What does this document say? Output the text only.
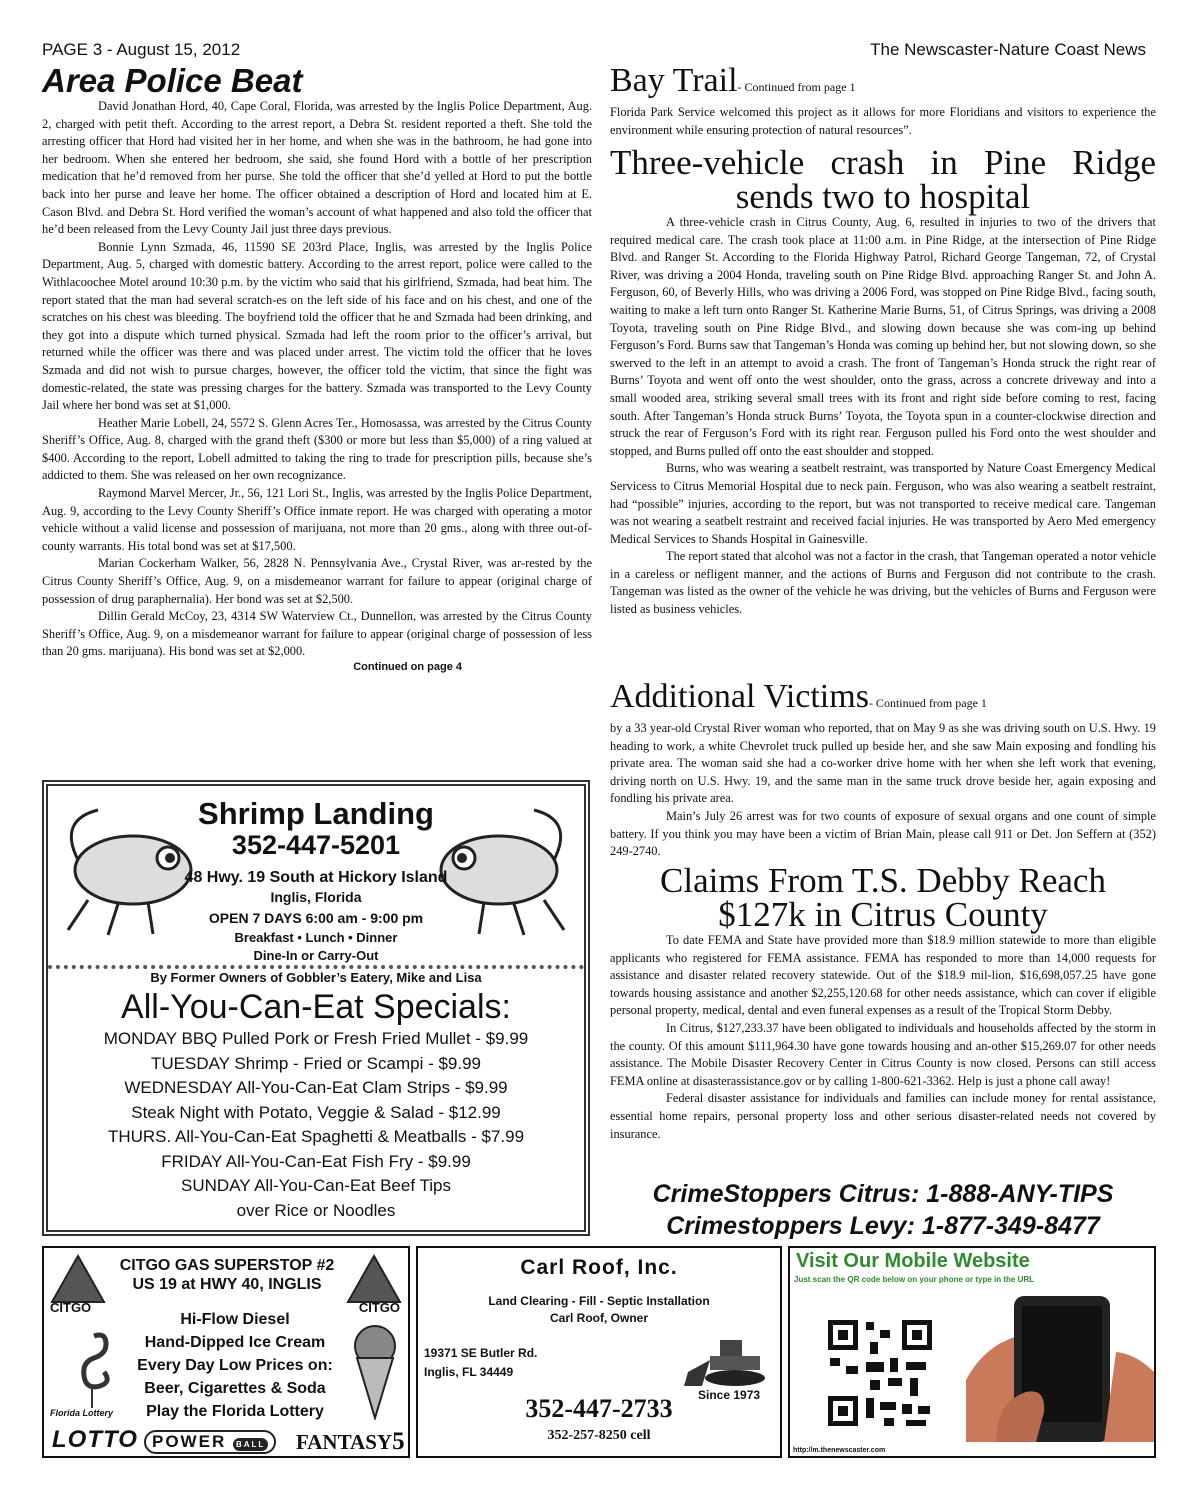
PAGE 3 - August 15, 2012	The Newscaster-Nature Coast News
Area Police Beat

David Jonathan Hord, 40, Cape Coral, Florida, was arrested by the Inglis Police Department, Aug. 2, charged with petit theft. According to the arrest report, a Debra St. resident reported a theft. She told the arresting officer that Hord had visited her in her home, and when she was in the bathroom, he had gone into her bedroom. When she entered her bedroom, she said, she found Hord with a bottle of her prescription medication that he’d removed from her purse. She told the officer that she’d yelled at Hord to put the bottle back into her purse and leave her home. The officer obtained a description of Hord and located him at E. Cason Blvd. and Debra St. Hord verified the woman’s account of what happened and also told the officer that he’d been released from the Levy County Jail just three days previous.

Bonnie Lynn Szmada, 46, 11590 SE 203rd Place, Inglis, was arrested by the Inglis Police Department, Aug. 5, charged with domestic battery. According to the arrest report, police were called to the Withlacoochee Motel around 10:30 p.m. by the victim who said that his girlfriend, Szmada, had beat him. The report stated that the man had several scratch-es on the left side of his face and on his chest, and one of the scratches on his chest was bleeding. The boyfriend told the officer that he and Szmada had been drinking, and they got into a dispute which turned physical. Szmada had left the room prior to the officer’s arrival, but returned while the officer was there and was placed under arrest. The victim told the officer that he loves Szmada and did not wish to pursue charges, however, the officer told the victim, that since the fight was domestic-related, the state was pressing charges for the battery. Szmada was transported to the Levy County Jail where her bond was set at $1,000.

Heather Marie Lobell, 24, 5572 S. Glenn Acres Ter., Homosassa, was arrested by the Citrus County Sheriff’s Office, Aug. 8, charged with the grand theft ($300 or more but less than $5,000) of a ring valued at $400. According to the report, Lobell admitted to taking the ring to trade for prescription pills, because she’s addicted to them. She was released on her own recognizance.

Raymond Marvel Mercer, Jr., 56, 121 Lori St., Inglis, was arrested by the Inglis Police Department, Aug. 9, according to the Levy County Sheriff’s Office inmate report. He was charged with operating a motor vehicle without a valid license and possession of marijuana, not more than 20 gms., along with three out-of-county warrants. His total bond was set at $17,500.

Marian Cockerham Walker, 56, 2828 N. Pennsylvania Ave., Crystal River, was ar-rested by the Citrus County Sheriff’s Office, Aug. 9, on a misdemeanor warrant for failure to appear (original charge of possession of drug paraphernalia). Her bond was set at $2,500.

Dillin Gerald McCoy, 23, 4314 SW Waterview Ct., Dunnellon, was arrested by the Citrus County Sheriff’s Office, Aug. 9, on a misdemeanor warrant for failure to appear (original charge of possession of less than 20 gms. marijuana). His bond was set at $2,000.

Continued on page 4
Shrimp Landing
352-447-5201
48 Hwy. 19 South at Hickory Island
Inglis, Florida
OPEN 7 DAYS 6:00 am - 9:00 pm
Breakfast • Lunch • Dinner
Dine-In or Carry-Out
By Former Owners of Gobbler’s Eatery, Mike and Lisa
All-You-Can-Eat Specials:
MONDAY BBQ Pulled Pork or Fresh Fried Mullet - $9.99
TUESDAY Shrimp - Fried or Scampi - $9.99
WEDNESDAY All-You-Can-Eat Clam Strips - $9.99
Steak Night with Potato, Veggie & Salad - $12.99
THURS. All-You-Can-Eat Spaghetti & Meatballs - $7.99
FRIDAY All-You-Can-Eat Fish Fry - $9.99
SUNDAY All-You-Can-Eat Beef Tips
over Rice or Noodles
Bay Trail- Continued from page 1

Florida Park Service welcomed this project as it allows for more Floridians and visitors to experience the environment while ensuring protection of natural resources”.

Three-vehicle crash in Pine Ridge
sends two to hospital

A three-vehicle crash in Citrus County, Aug. 6, resulted in injuries to two of the drivers that required medical care. The crash took place at 11:00 a.m. in Pine Ridge, at the intersection of Pine Ridge Blvd. and Ranger St. According to the Florida Highway Patrol, Richard George Tangeman, 72, of Crystal River, was driving a 2004 Honda, traveling south on Pine Ridge Blvd. approaching Ranger St. and John A. Ferguson, 60, of Beverly Hills, who was driving a 2006 Ford, was stopped on Pine Ridge Blvd., facing south, waiting to make a left turn onto Ranger St. Katherine Marie Burns, 51, of Citrus Springs, was driving a 2008 Toyota, traveling south on Pine Ridge Blvd., and slowing down because she was com-ing up behind Ferguson’s Ford. Burns saw that Tangeman’s Honda was coming up behind her, but not slowing down, so she swerved to the left in an attempt to avoid a crash. The front of Tangeman’s Honda struck the right rear of Burns’ Toyota and went off onto the west shoulder, onto the grass, across a concrete driveway and into a small wooded area, striking several small trees with its front and right side before coming to rest, facing south. After Tangeman’s Honda struck Burns’ Toyota, the Toyota spun in a counter-clockwise direction and struck the rear of Ferguson’s Ford with its right rear. Ferguson pulled his Ford onto the west shoulder and stopped, and Burns pulled off onto the east shoulder and stopped.

Burns, who was wearing a seatbelt restraint, was transported by Nature Coast Emergency Medical Servicess to Citrus Memorial Hospital due to neck pain. Ferguson, who was also wearing a seatbelt restraint, had “possible” injuries, according to the report, but was not transported to receive medical care. Tangeman was not wearing a seatbelt restraint and received facial injuries. He was transported by Aero Med emergency Medical Services to Shands Hospital in Gainesville.

The report stated that alcohol was not a factor in the crash, that Tangeman operated a notor vehicle in a careless or nefligent manner, and the actions of Burns and Ferguson did not contribute to the crash. Tangeman was listed as the owner of the vehicle he was driving, but the vehicles of Burns and Ferguson were listed as business vehicles.

Additional Victims- Continued from page 1

by a 33 year-old Crystal River woman who reported, that on May 9 as she was driving south on U.S. Hwy. 19 heading to work, a white Chevrolet truck pulled up beside her, and she saw Main exposing and fondling his private area. The woman said she had a co-worker drive home with her when she left work that evening, driving north on U.S. Hwy. 19, and the same man in the same truck drove beside her, again exposing and fondling his private area.

Main’s July 26 arrest was for two counts of exposure of sexual organs and one count of simple battery. If you think you may have been a victim of Brian Main, please call 911 or Det. Jon Seffern at (352) 249-2740.

Claims From T.S. Debby Reach
$127k in Citrus County

To date FEMA and State have provided more than $18.9 million statewide to more than eligible applicants who registered for FEMA assistance. FEMA has responded to more than 14,000 requests for assistance and disaster related recovery statewide. Out of the $18.9 mil-lion, $16,698,057.25 have gone towards housing assistance and another $2,255,120.68 for other needs assistance, which can cover if eligible personal property, medical, dental and even funeral expenses as a result of the Tropical Storm Debby.

In Citrus, $127,233.37 have been obligated to individuals and households affected by the storm in the county. Of this amount $111,964.30 have gone towards housing and an-other $15,269.07 for other needs assistance. The Mobile Disaster Recovery Center in Citrus County is now closed. Persons can still access FEMA online at disasterassistance.gov or by calling 1-800-621-3362. Help is just a phone call away!

Federal disaster assistance for individuals and families can include money for rental assistance, essential home repairs, personal property loss and other serious disaster-related needs not covered by insurance.

CrimeStoppers Citrus: 1-888-ANY-TIPS
Crimestoppers Levy: 1-877-349-8477
CITGO	CITGO
CITGO GAS SUPERSTOP #2
US 19 at HWY 40, INGLIS
Hi-Flow Diesel
Hand-Dipped Ice Cream
Every Day Low Prices on:
Beer, Cigarettes & Soda
Play the Florida Lottery
Florida Lottery
LOTTO POWER BALL	FANTASY5
Carl Roof, Inc.
Land Clearing - Fill - Septic Installation
Carl Roof, Owner
19371 SE Butler Rd.
Inglis, FL 34449
Since 1973
352-447-2733
352-257-8250 cell
Visit Our Mobile Website
Just scan the QR code below on your phone or type in the URL
http://m.thenewscaster.com
